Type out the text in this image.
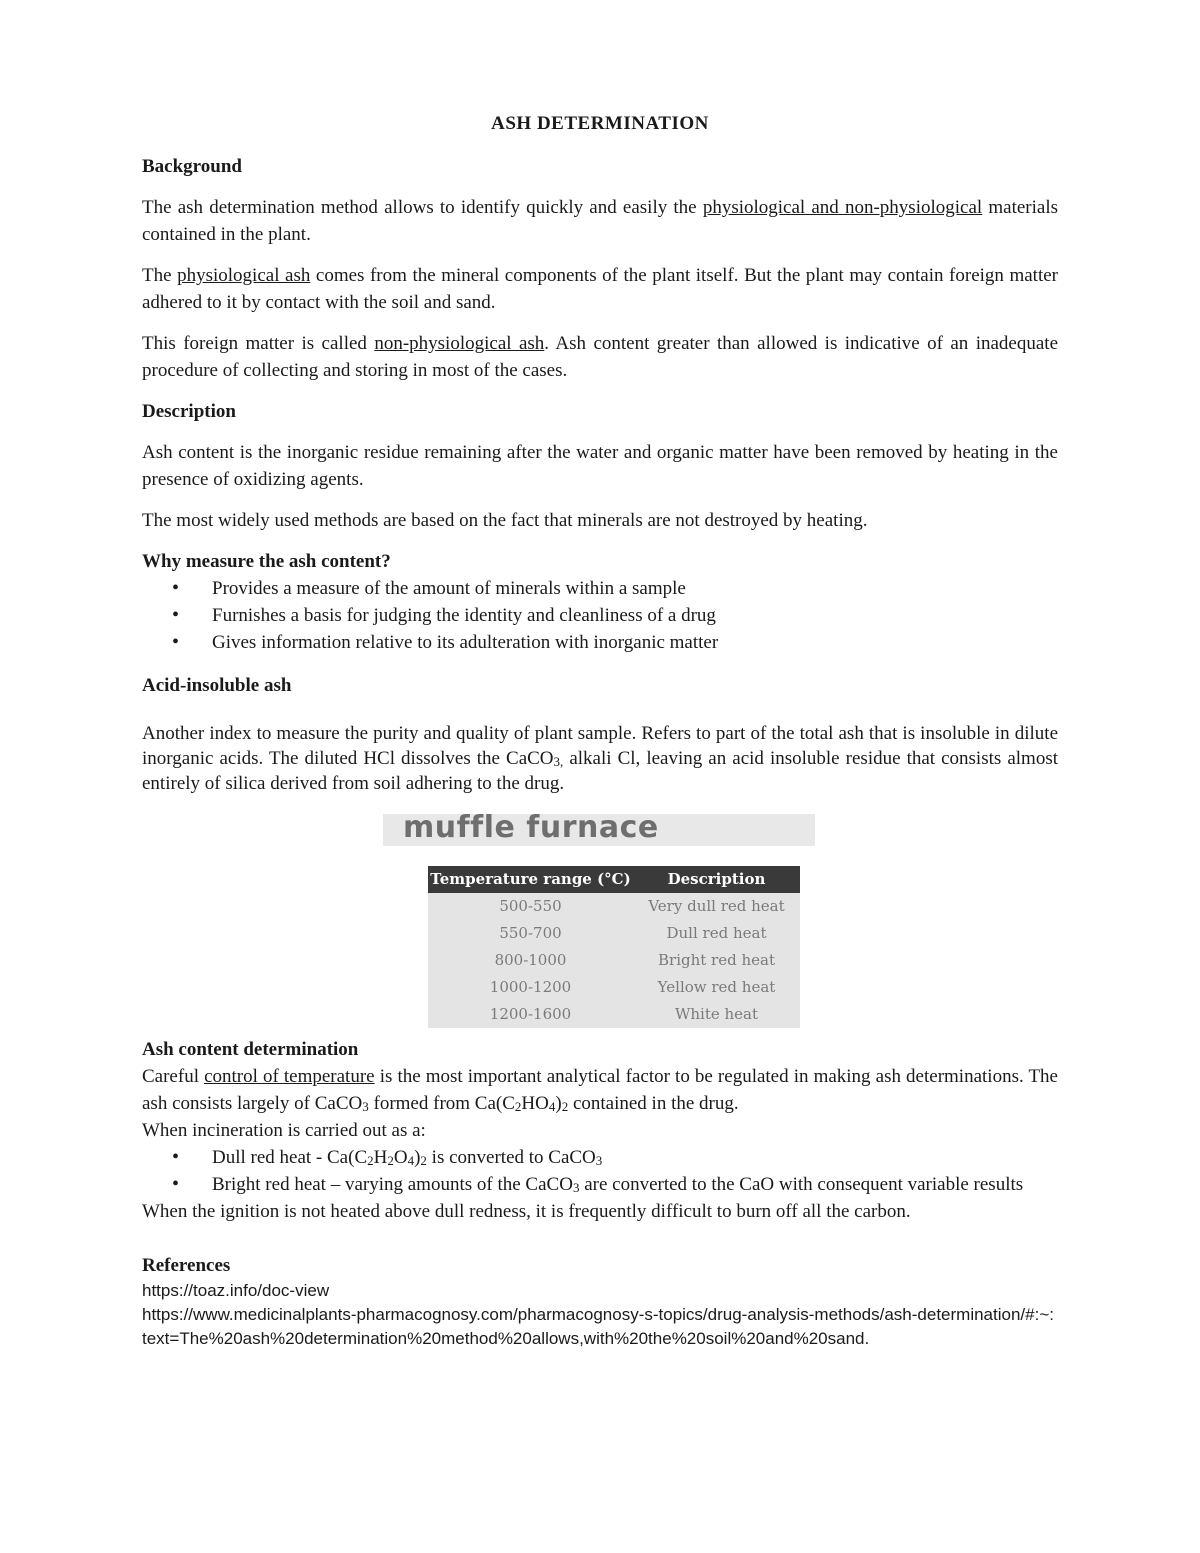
ASH DETERMINATION
Background

The ash determination method allows to identify quickly and easily the physiological and non-physiological materials contained in the plant.

The physiological ash comes from the mineral components of the plant itself. But the plant may contain foreign matter adhered to it by contact with the soil and sand.

This foreign matter is called non-physiological ash. Ash content greater than allowed is indicative of an inadequate procedure of collecting and storing in most of the cases.

Description

Ash content is the inorganic residue remaining after the water and organic matter have been removed by heating in the presence of oxidizing agents.

The most widely used methods are based on the fact that minerals are not destroyed by heating.

Why measure the ash content?
• Provides a measure of the amount of minerals within a sample
• Furnishes a basis for judging the identity and cleanliness of a drug
• Gives information relative to its adulteration with inorganic matter
Acid-insoluble ash

Another index to measure the purity and quality of plant sample. Refers to part of the total ash that is insoluble in dilute inorganic acids. The diluted HCl dissolves the CaCO$_{3,}$ alkali Cl, leaving an acid insoluble residue that consists almost entirely of silica derived from soil adhering to the drug.

muffle furnace
Temperature range (°C)	Description
500-550	Very dull red heat
550-700	Dull red heat
800-1000	Bright red heat
1000-1200	Yellow red heat
1200-1600	White heat
Ash content determination

Careful control of temperature is the most important analytical factor to be regulated in making ash determinations. The ash consists largely of CaCO$_3$ formed from $Ca(C_2HO_4)_2$ contained in the drug.

When incineration is carried out as a:

• Dull red heat - $Ca(C_2H_2O_4)_2$ is converted to CaCO$_3$
• Bright red heat – varying amounts of the CaCO$_3$ are converted to the CaO with consequent variable results

When the ignition is not heated above dull redness, it is frequently difficult to burn off all the carbon.

References
https://toaz.info/doc-view
https://www.medicinalplants-pharmacognosy.com/pharmacognosy-s-topics/drug-analysis-methods/ash-determination/#:~:text=The%20ash%20determination%20method%20allows,with%20the%20soil%20and%20sand.
